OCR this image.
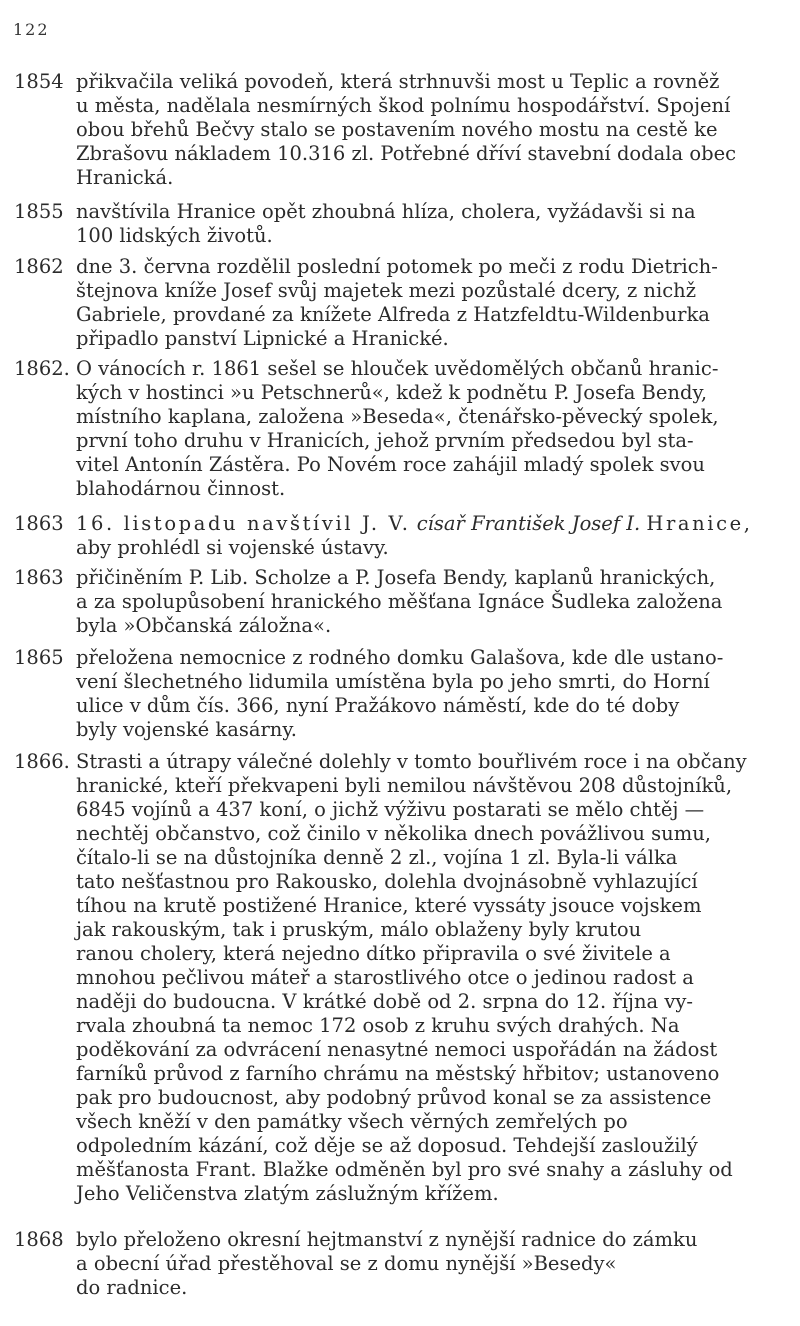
122
1854 přikvačila veliká povodeň, která strhnuvši most u Teplic a rovněž
u města, nadělala nesmírných škod polnímu hospodářství. Spojení
obou břehů Bečvy stalo se postavením nového mostu na cestě ke
Zbrašovu nákladem 10.316 zl. Potřebné dříví stavební dodala obec
Hranická.
1855 navštívila Hranice opět zhoubná hlíza, cholera, vyžádavši si na
100 lidských životů.
1862 dne 3. června rozdělil poslední potomek po meči z rodu Dietrich-
štejnova kníže Josef svůj majetek mezi pozůstalé dcery, z nichž
Gabriele, provdané za knížete Alfreda z Hatzfeldtu-Wildenburka
připadlo panství Lipnické a Hranické.
1862. O vánocích r. 1861 sešel se hlouček uvědomělých občanů hranic-
kých v hostinci »u Petschnerů«, kdež k podnětu P. Josefa Bendy,
místního kaplana, založena »Beseda«, čtenářsko-pěvecký spolek,
první toho druhu v Hranicích, jehož prvním předsedou byl sta-
vitel Antonín Zástěra. Po Novém roce zahájil mladý spolek svou
blahodárnou činnost.
1863 16. listopadu navštívil J. V. císař František Josef I. Hranice,
aby prohlédl si vojenské ústavy.
1863 přičiněním P. Lib. Scholze a P. Josefa Bendy, kaplanů hranických,
a za spolupůsobení hranického měšťana Ignáce Šudleka založena
byla »Občanská záložna«.
1865 přeložena nemocnice z rodného domku Galašova, kde dle ustano-
vení šlechetného lidumila umístěna byla po jeho smrti, do Horní
ulice v dům čís. 366, nyní Pražákovo náměstí, kde do té doby
byly vojenské kasárny.
1866. Strasti a útrapy válečné dolehly v tomto bouřlivém roce i na občany
hranické, kteří překvapeni byli nemilou návštěvou 208 důstojníků,
6845 vojínů a 437 koní, o jichž výživu postarati se mělo chtěj —
nechtěj občanstvo, což činilo v několika dnech povážlivou sumu,
čítalo-li se na důstojníka denně 2 zl., vojína 1 zl. Byla-li válka
tato nešťastnou pro Rakousko, dolehla dvojnásobně vyhlazující
tíhou na krutě postižené Hranice, které vyssáty jsouce vojskem
jak rakouským, tak i pruským, málo oblaženy byly krutou
ranou cholery, která nejedno dítko připravila o své živitele a
mnohou pečlivou máteř a starostlivého otce o jedinou radost a
naději do budoucna. V krátké době od 2. srpna do 12. října vy-
rvala zhoubná ta nemoc 172 osob z kruhu svých drahých. Na
poděkování za odvrácení nenasytné nemoci uspořádán na žádost
farníků průvod z farního chrámu na městský hřbitov; ustanoveno
pak pro budoucnost, aby podobný průvod konal se za assistence
všech kněží v den památky všech věrných zemřelých po
odpoledním kázání, což děje se až doposud. Tehdejší zasloužilý
měšťanosta Frant. Blažke odměněn byl pro své snahy a zásluhy od
Jeho Veličenstva zlatým záslužným křížem.
1868 bylo přeloženo okresní hejtmanství z nynější radnice do zámku
a obecní úřad přestěhoval se z domu nynější »Besedy«
do radnice.
